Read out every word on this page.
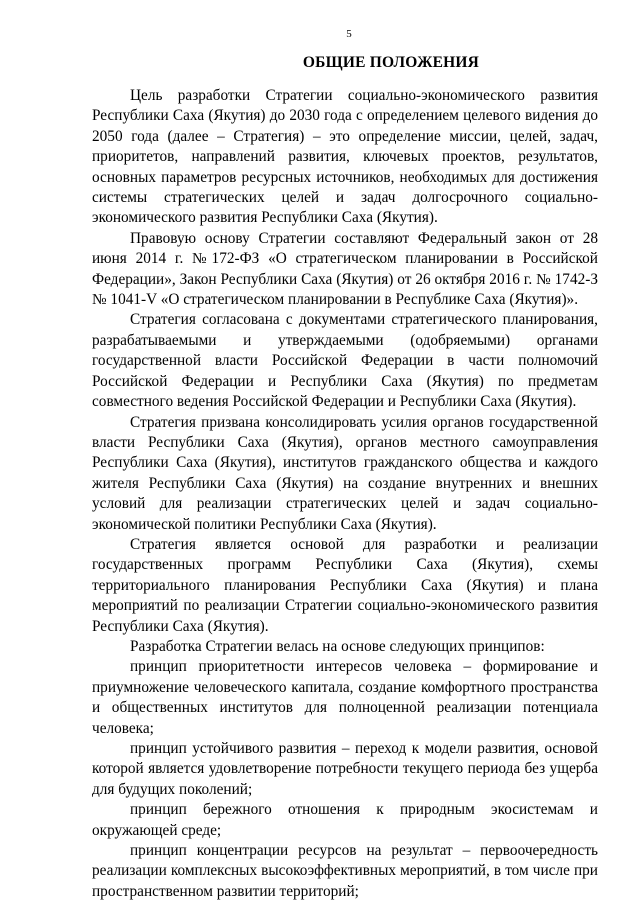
5
ОБЩИЕ ПОЛОЖЕНИЯ

Цель разработки Стратегии социально-экономического развития Республики Саха (Якутия) до 2030 года с определением целевого видения до 2050 года (далее – Стратегия) – это определение миссии, целей, задач, приоритетов, направлений развития, ключевых проектов, результатов, основных параметров ресурсных источников, необходимых для достижения системы стратегических целей и задач долгосрочного социально-экономического развития Республики Саха (Якутия).

Правовую основу Стратегии составляют Федеральный закон от 28 июня 2014 г. №172-ФЗ «О стратегическом планировании в Российской Федерации», Закон Республики Саха (Якутия) от 26 октября 2016 г. № 1742-З № 1041-V «О стратегическом планировании в Республике Саха (Якутия)».

Стратегия согласована с документами стратегического планирования, разрабатываемыми и утверждаемыми (одобряемыми) органами государственной власти Российской Федерации в части полномочий Российской Федерации и Республики Саха (Якутия) по предметам совместного ведения Российской Федерации и Республики Саха (Якутия).

Стратегия призвана консолидировать усилия органов государственной власти Республики Саха (Якутия), органов местного самоуправления Республики Саха (Якутия), институтов гражданского общества и каждого жителя Республики Саха (Якутия) на создание внутренних и внешних условий для реализации стратегических целей и задач социально-экономической политики Республики Саха (Якутия).

Стратегия является основой для разработки и реализации государственных программ Республики Саха (Якутия), схемы территориального планирования Республики Саха (Якутия) и плана мероприятий по реализации Стратегии социально-экономического развития Республики Саха (Якутия).

Разработка Стратегии велась на основе следующих принципов:

принцип приоритетности интересов человека – формирование и приумножение человеческого капитала, создание комфортного пространства и общественных институтов для полноценной реализации потенциала человека;

принцип устойчивого развития – переход к модели развития, основой которой является удовлетворение потребности текущего периода без ущерба для будущих поколений;

принцип бережного отношения к природным экосистемам и окружающей среде;

принцип концентрации ресурсов на результат – первоочередность реализации комплексных высокоэффективных мероприятий, в том числе при пространственном развитии территорий;
